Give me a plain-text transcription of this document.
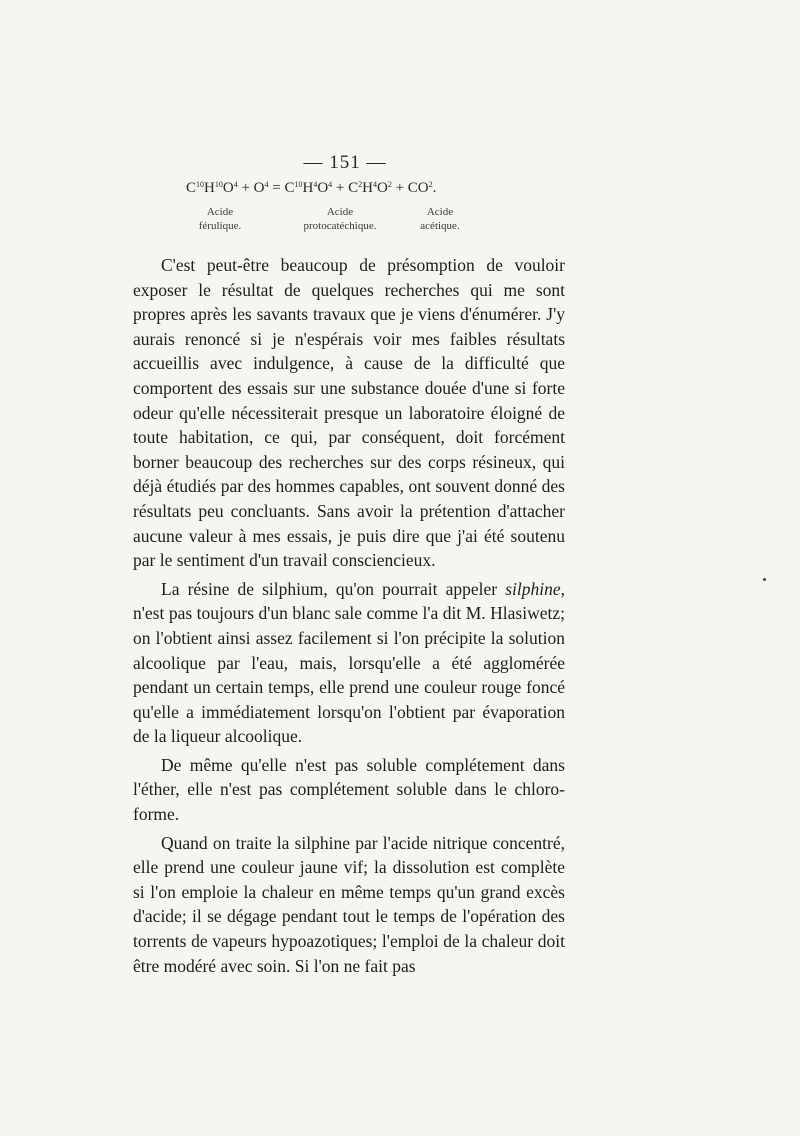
— 151 —
$C^{10}H^{10}O^4 + O^4 = C^{10}H^4O^4 + C^2H^4O^2 + CO^2$.
Acide
férulique.
Acide
protocatéchique.
Acide
acétique.

C'est peut-être beaucoup de présomption de vouloir exposer le résultat de quelques recherches qui me sont propres après les savants travaux que je viens d'énumérer. J'y aurais renoncé si je n'espérais voir mes faibles résultats accueillis avec indulgence, à cause de la difficulté que comportent des essais sur une substance douée d'une si forte odeur qu'elle nécessiterait presque un laboratoire éloigné de toute habitation, ce qui, par conséquent, doit forcément borner beaucoup des recherches sur des corps résineux, qui déjà étudiés par des hommes capables, ont souvent donné des résultats peu concluants. Sans avoir la prétention d'attacher aucune valeur à mes essais, je puis dire que j'ai été soutenu par le sentiment d'un travail consciencieux.

La résine de silphium, qu'on pourrait appeler silphine, n'est pas toujours d'un blanc sale comme l'a dit M. Hlasiwetz; on l'obtient ainsi assez facilement si l'on précipite la solution alcoolique par l'eau, mais, lorsqu'elle a été agglomérée pendant un certain temps, elle prend une couleur rouge foncé qu'elle a immédiatement lorsqu'on l'obtient par évaporation de la liqueur alcoolique.

De même qu'elle n'est pas soluble complétement dans l'éther, elle n'est pas complétement soluble dans le chloroforme.

Quand on traite la silphine par l'acide nitrique concentré, elle prend une couleur jaune vif; la dissolution est complète si l'on emploie la chaleur en même temps qu'un grand excès d'acide; il se dégage pendant tout le temps de l'opération des torrents de vapeurs hypoazotiques; l'emploi de la chaleur doit être modéré avec soin. Si l'on ne fait pas
